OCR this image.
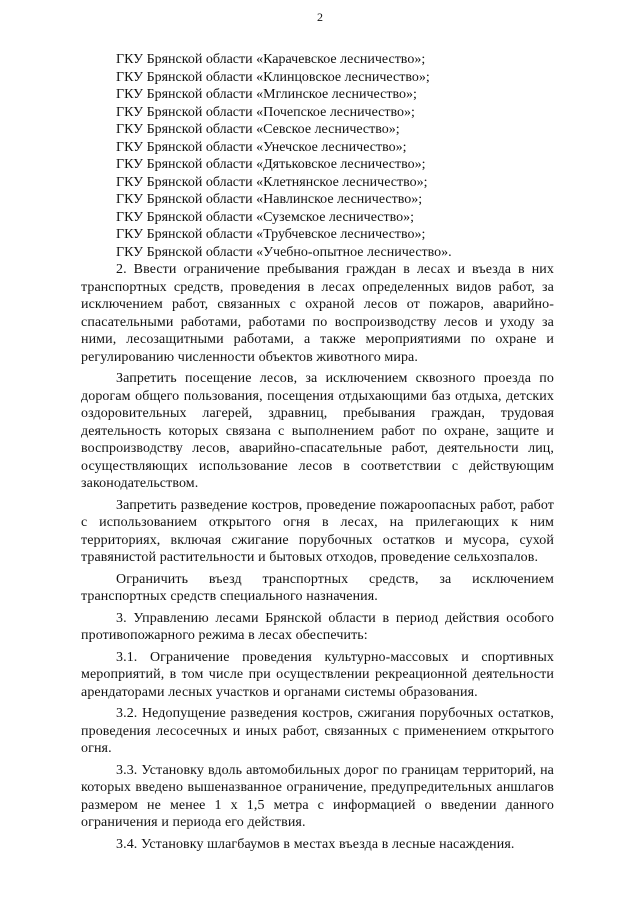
2

ГКУ Брянской области «Карачевское лесничество»;

ГКУ Брянской области «Клинцовское лесничество»;

ГКУ Брянской области «Мглинское лесничество»;

ГКУ Брянской области «Почепское лесничество»;

ГКУ Брянской области «Севское лесничество»;

ГКУ Брянской области «Унечское лесничество»;

ГКУ Брянской области «Дятьковское лесничество»;

ГКУ Брянской области «Клетнянское лесничество»;

ГКУ Брянской области «Навлинское лесничество»;

ГКУ Брянской области «Суземское лесничество»;

ГКУ Брянской области «Трубчевское лесничество»;

ГКУ Брянской области «Учебно-опытное лесничество».

2. Ввести ограничение пребывания граждан в лесах и въезда в них транспортных средств, проведения в лесах определенных видов работ, за исключением работ, связанных с охраной лесов от пожаров, аварийно-спасательными работами, работами по воспроизводству лесов и уходу за ними, лесозащитными работами, а также мероприятиями по охране и регулированию численности объектов животного мира.

Запретить посещение лесов, за исключением сквозного проезда по дорогам общего пользования, посещения отдыхающими баз отдыха, детских оздоровительных лагерей, здравниц, пребывания граждан, трудовая деятельность которых связана с выполнением работ по охране, защите и воспроизводству лесов, аварийно-спасательные работ, деятельности лиц, осуществляющих использование лесов в соответствии с действующим законодательством.

Запретить разведение костров, проведение пожароопасных работ, работ с использованием открытого огня в лесах, на прилегающих к ним территориях, включая сжигание порубочных остатков и мусора, сухой травянистой растительности и бытовых отходов, проведение сельхозпалов.

Ограничить въезд транспортных средств, за исключением транспортных средств специального назначения.

3. Управлению лесами Брянской области в период действия особого противопожарного режима в лесах обеспечить:

3.1. Ограничение проведения культурно-массовых и спортивных мероприятий, в том числе при осуществлении рекреационной деятельности арендаторами лесных участков и органами системы образования.

3.2. Недопущение разведения костров, сжигания порубочных остатков, проведения лесосечных и иных работ, связанных с применением открытого огня.

3.3. Установку вдоль автомобильных дорог по границам территорий, на которых введено вышеназванное ограничение, предупредительных аншлагов размером не менее 1 х 1,5 метра с информацией о введении данного ограничения и периода его действия.

3.4. Установку шлагбаумов в местах въезда в лесные насаждения.
